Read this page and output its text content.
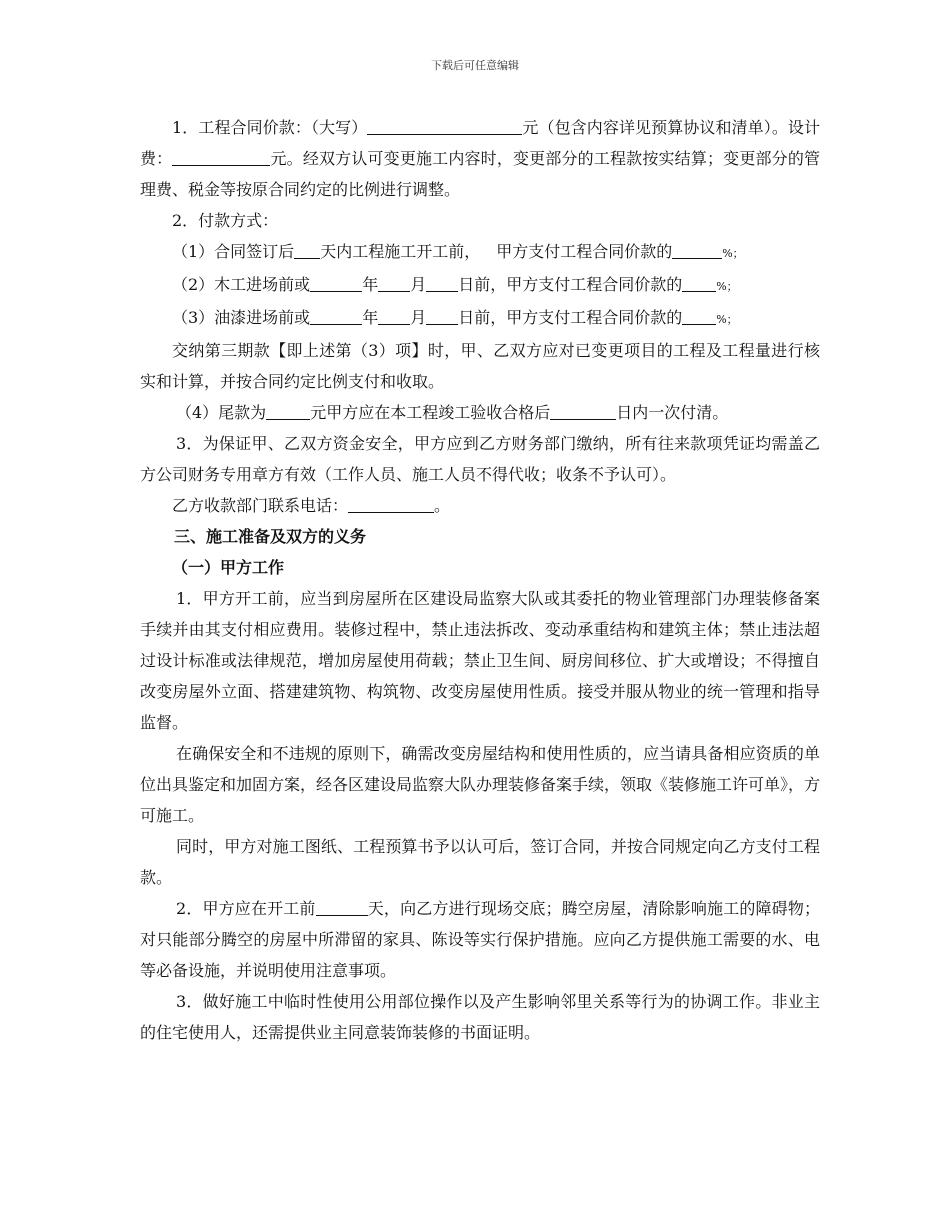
下载后可任意编辑

1．工程合同价款：（大写）	元（包含内容详见预算协议和清单）。设计费：	元。经双方认可变更施工内容时，变更部分的工程款按实结算；变更部分的管理费、税金等按原合同约定的比例进行调整。

2．付款方式：

（1）合同签订后 天内工程施工开工前， 甲方支付工程合同价款的	%；

（2）木工进场前或	年 月 日前，甲方支付工程合同价款的	%；

（3）油漆进场前或	年 月 日前，甲方支付工程合同价款的	%；

交纳第三期款【即上述第（3）项】时，甲、乙双方应对已变更项目的工程及工程量进行核实和计算，并按合同约定比例支付和收取。

（4）尾款为	元甲方应在本工程竣工验收合格后	日内一次付清。

3．为保证甲、乙双方资金安全，甲方应到乙方财务部门缴纳，所有往来款项凭证均需盖乙方公司财务专用章方有效（工作人员、施工人员不得代收；收条不予认可）。

乙方收款部门联系电话：	。

三、施工准备及双方的义务

（一）甲方工作

1．甲方开工前，应当到房屋所在区建设局监察大队或其委托的物业管理部门办理装修备案手续并由其支付相应费用。装修过程中，禁止违法拆改、变动承重结构和建筑主体；禁止违法超过设计标准或法律规范，增加房屋使用荷载；禁止卫生间、厨房间移位、扩大或增设；不得擅自改变房屋外立面、搭建建筑物、构筑物、改变房屋使用性质。接受并服从物业的统一管理和指导监督。

在确保安全和不违规的原则下，确需改变房屋结构和使用性质的，应当请具备相应资质的单位出具鉴定和加固方案，经各区建设局监察大队办理装修备案手续，领取《装修施工许可单》，方可施工。

同时，甲方对施工图纸、工程预算书予以认可后，签订合同，并按合同规定向乙方支付工程款。

2．甲方应在开工前	天，向乙方进行现场交底；腾空房屋，清除影响施工的障碍物；对只能部分腾空的房屋中所滞留的家具、陈设等实行保护措施。应向乙方提供施工需要的水、电等必备设施，并说明使用注意事项。

3．做好施工中临时性使用公用部位操作以及产生影响邻里关系等行为的协调工作。非业主的住宅使用人，还需提供业主同意装饰装修的书面证明。
